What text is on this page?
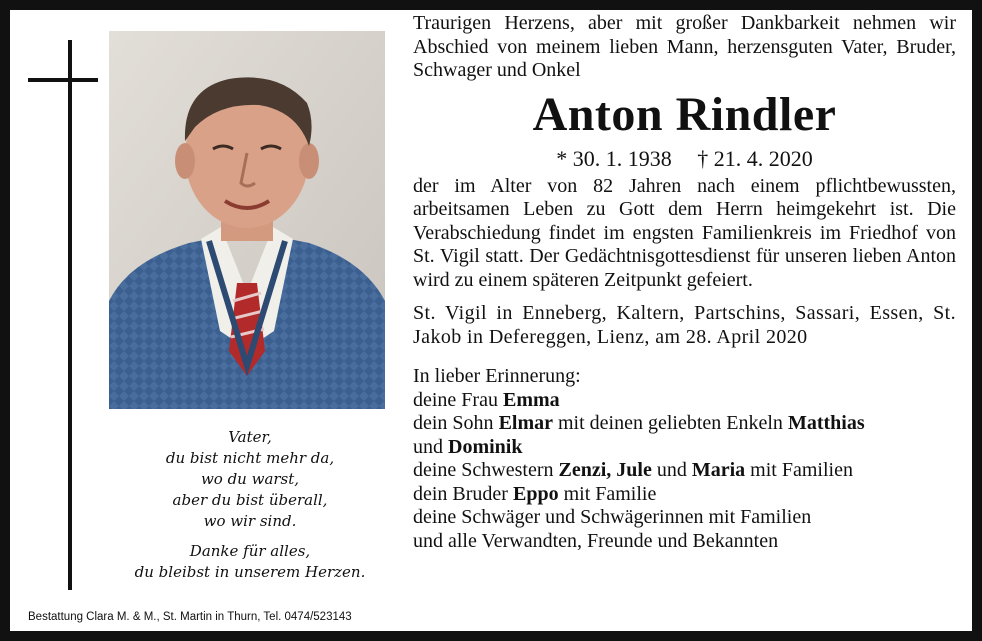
Vater,
du bist nicht mehr da,
wo du warst,
aber du bist überall,
wo wir sind.
Danke für alles,
du bleibst in unserem Herzen.
Bestattung Clara M. & M., St. Martin in Thurn, Tel. 0474/523143
Traurigen Herzens, aber mit großer Dankbarkeit nehmen wir Abschied von meinem lieben Mann, herzensguten Vater, Bruder, Schwager und Onkel
Anton Rindler
* 30. 1. 1938 † 21. 4. 2020
der im Alter von 82 Jahren nach einem pflichtbewussten, arbeitsamen Leben zu Gott dem Herrn heimgekehrt ist. Die Verabschiedung findet im engsten Familienkreis im Friedhof von St. Vigil statt. Der Gedächtnisgottesdienst für unseren lieben Anton wird zu einem späteren Zeitpunkt gefeiert.
St. Vigil in Enneberg, Kaltern, Partschins, Sassari, Essen, St. Jakob in Defereggen, Lienz, am 28. April 2020
In lieber Erinnerung:
deine Frau Emma
dein Sohn Elmar mit deinen geliebten Enkeln Matthias
und Dominik
deine Schwestern Zenzi, Jule und Maria mit Familien
dein Bruder Eppo mit Familie
deine Schwäger und Schwägerinnen mit Familien
und alle Verwandten, Freunde und Bekannten
